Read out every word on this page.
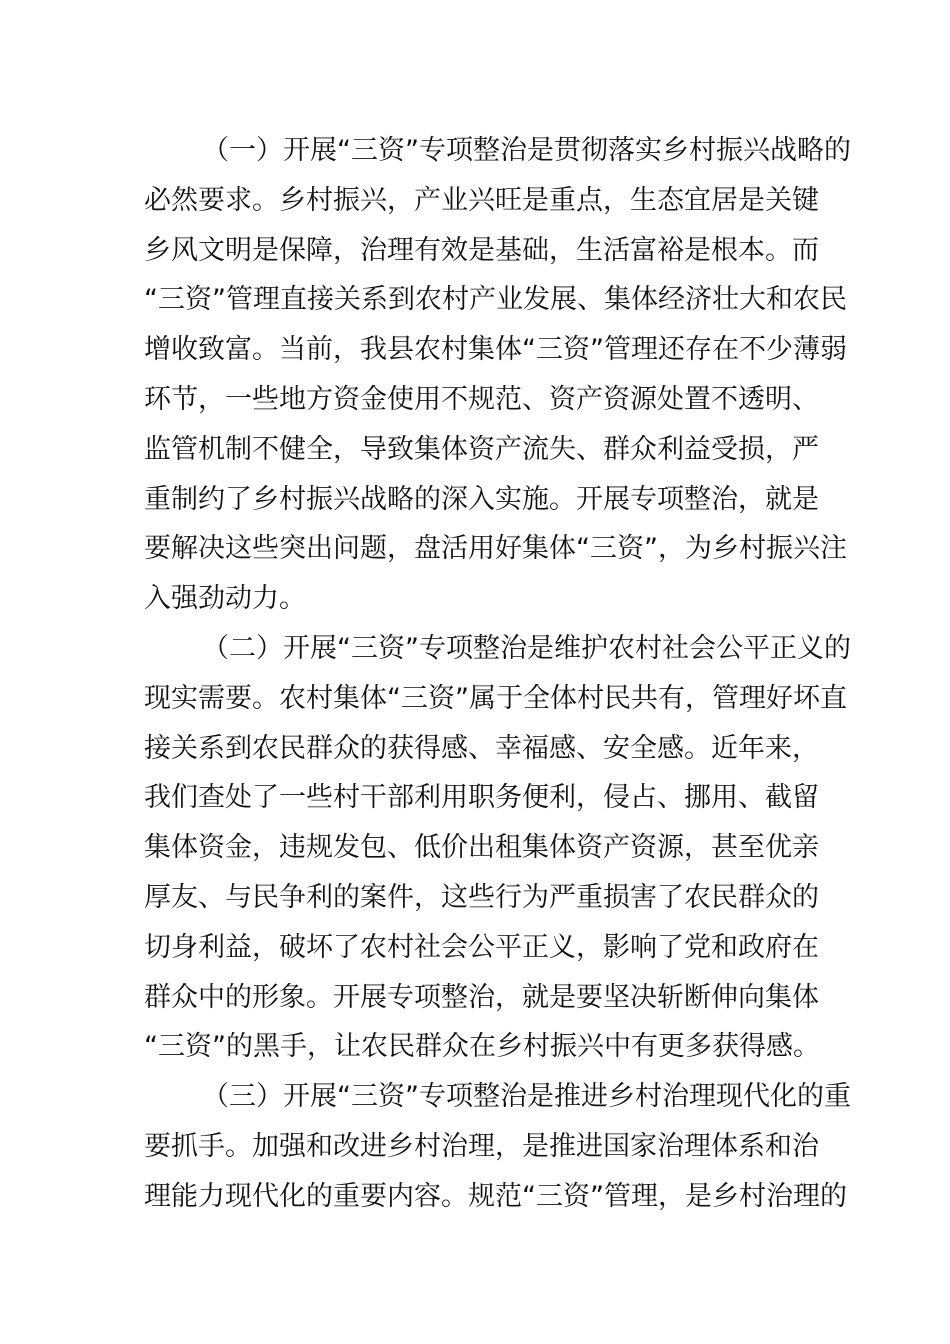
（一）开展“三资”专项整治是贯彻落实乡村振兴战略的
必然要求。乡村振兴，产业兴旺是重点，生态宜居是关键
乡风文明是保障，治理有效是基础，生活富裕是根本。而
“三资”管理直接关系到农村产业发展、集体经济壮大和农民
增收致富。当前，我县农村集体“三资”管理还存在不少薄弱
环节，一些地方资金使用不规范、资产资源处置不透明、
监管机制不健全，导致集体资产流失、群众利益受损，严
重制约了乡村振兴战略的深入实施。开展专项整治，就是
要解决这些突出问题，盘活用好集体“三资”，为乡村振兴注
入强劲动力。
（二）开展“三资”专项整治是维护农村社会公平正义的
现实需要。农村集体“三资”属于全体村民共有，管理好坏直
接关系到农民群众的获得感、幸福感、安全感。近年来，
我们查处了一些村干部利用职务便利，侵占、挪用、截留
集体资金，违规发包、低价出租集体资产资源，甚至优亲
厚友、与民争利的案件，这些行为严重损害了农民群众的
切身利益，破坏了农村社会公平正义，影响了党和政府在
群众中的形象。开展专项整治，就是要坚决斩断伸向集体
“三资”的黑手，让农民群众在乡村振兴中有更多获得感。
（三）开展“三资”专项整治是推进乡村治理现代化的重
要抓手。加强和改进乡村治理，是推进国家治理体系和治
理能力现代化的重要内容。规范“三资”管理，是乡村治理的
